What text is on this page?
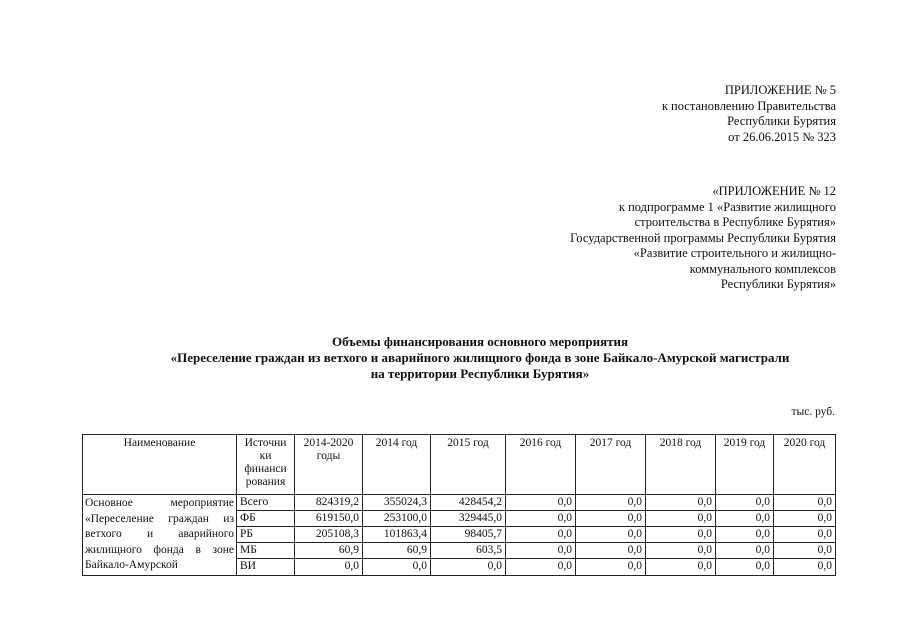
ПРИЛОЖЕНИЕ № 5
к постановлению Правительства
Республики Бурятия
от 26.06.2015 № 323
«ПРИЛОЖЕНИЕ № 12
к подпрограмме 1 «Развитие жилищного
строительства в Республике Бурятия»
Государственной программы Республики Бурятия
«Развитие строительного и жилищно-
коммунального комплексов
Республики Бурятия»
Объемы финансирования основного мероприятия
«Переселение граждан из ветхого и аварийного жилищного фонда в зоне Байкало-Амурской магистрали
на территории Республики Бурятия»
тыс. руб.
Наименование	Источни ки финанси рования	2014-2020 годы	2014 год	2015 год	2016 год	2017 год	2018 год	2019 год	2020 год
Основное мероприятие «Переселение граждан из ветхого и аварийного жилищного фонда в зоне Байкало-Амурской	Всего	824319,2	355024,3	428454,2	0,0	0,0	0,0	0,0	0,0
	ФБ	619150,0	253100,0	329445,0	0,0	0,0	0,0	0,0	0,0
	РБ	205108,3	101863,4	98405,7	0,0	0,0	0,0	0,0	0,0
	МБ	60,9	60,9	603,5	0,0	0,0	0,0	0,0	0,0
	ВИ	0,0	0,0	0,0	0,0	0,0	0,0	0,0	0,0
